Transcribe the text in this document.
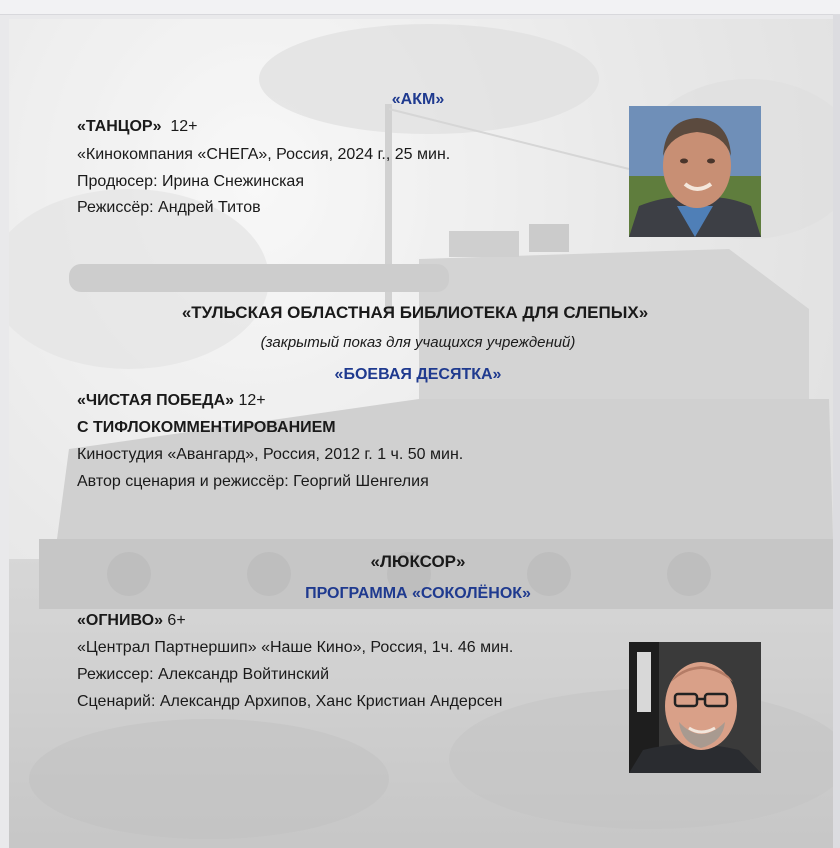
«АКМ»
«ТАНЦОР» 12+
«Кинокомпания «СНЕГА», Россия, 2024 г., 25 мин.
Продюсер: Ирина Снежинская
Режиссёр: Андрей Титов
«ТУЛЬСКАЯ ОБЛАСТНАЯ БИБЛИОТЕКА ДЛЯ СЛЕПЫХ»
(закрытый показ для учащихся учреждений)
«БОЕВАЯ ДЕСЯТКА»
«ЧИСТАЯ ПОБЕДА» 12+
С ТИФЛОКОММЕНТИРОВАНИЕМ
Киностудия «Авангард», Россия, 2012 г. 1 ч. 50 мин.
Автор сценария и режиссёр: Георгий Шенгелия
«ЛЮКСОР»
ПРОГРАММА «СОКОЛЁНОК»
«ОГНИВО» 6+
«Централ Партнершип» «Наше Кино», Россия, 1ч. 46 мин.
Режиссер: Александр Войтинский
Сценарий: Александр Архипов, Ханс Кристиан Андерсен
